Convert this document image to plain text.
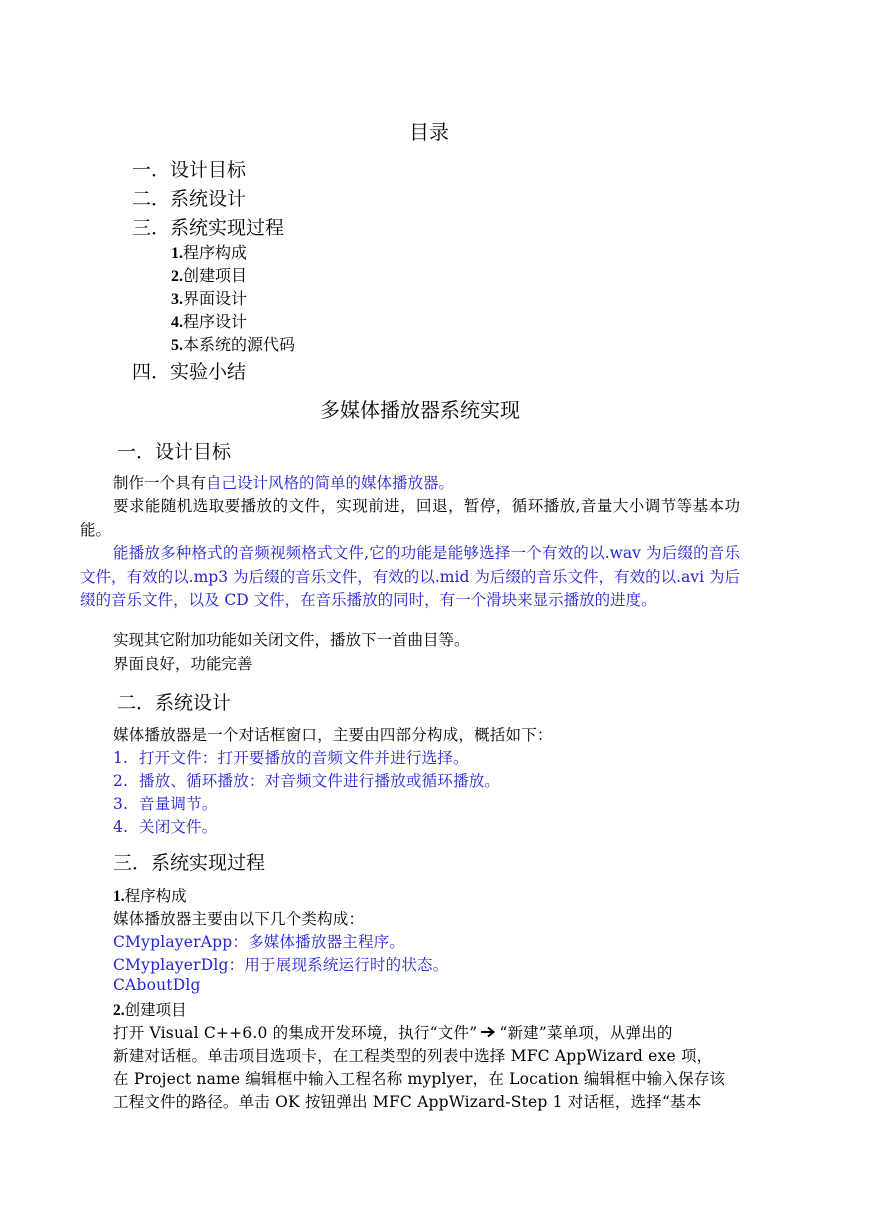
目录
一．设计目标
二．系统设计
三．系统实现过程
1.程序构成
2.创建项目
3.界面设计
4.程序设计
5.本系统的源代码
四．实验小结
多媒体播放器系统实现
一．设计目标
制作一个具有自己设计风格的简单的媒体播放器。
要求能随机选取要播放的文件，实现前进，回退，暂停，循环播放,音量大小调节等基本功能。
能播放多种格式的音频视频格式文件,它的功能是能够选择一个有效的以.wav 为后缀的音乐文件，有效的以.mp3 为后缀的音乐文件，有效的以.mid 为后缀的音乐文件，有效的以.avi 为后缀的音乐文件，以及 CD 文件，在音乐播放的同时，有一个滑块来显示播放的进度。
实现其它附加功能如关闭文件，播放下一首曲目等。
界面良好，功能完善
二．系统设计
媒体播放器是一个对话框窗口，主要由四部分构成，概括如下：
1. 打开文件：打开要播放的音频文件并进行选择。
2. 播放、循环播放：对音频文件进行播放或循环播放。
3. 音量调节。
4. 关闭文件。
三．系统实现过程
1.程序构成
媒体播放器主要由以下几个类构成：
CMyplayerApp：多媒体播放器主程序。
CMyplayerDlg：用于展现系统运行时的状态。
CAboutDlg
2.创建项目
打开 Visual C++6.0 的集成开发环境，执行“文件” “新建”菜单项，从弹出的
新建对话框。单击项目选项卡，在工程类型的列表中选择 MFC AppWizard exe 项，
在 Project name 编辑框中输入工程名称 myplyer，在 Location 编辑框中输入保存该
工程文件的路径。单击 OK 按钮弹出 MFC AppWizard-Step 1 对话框，选择“基本
